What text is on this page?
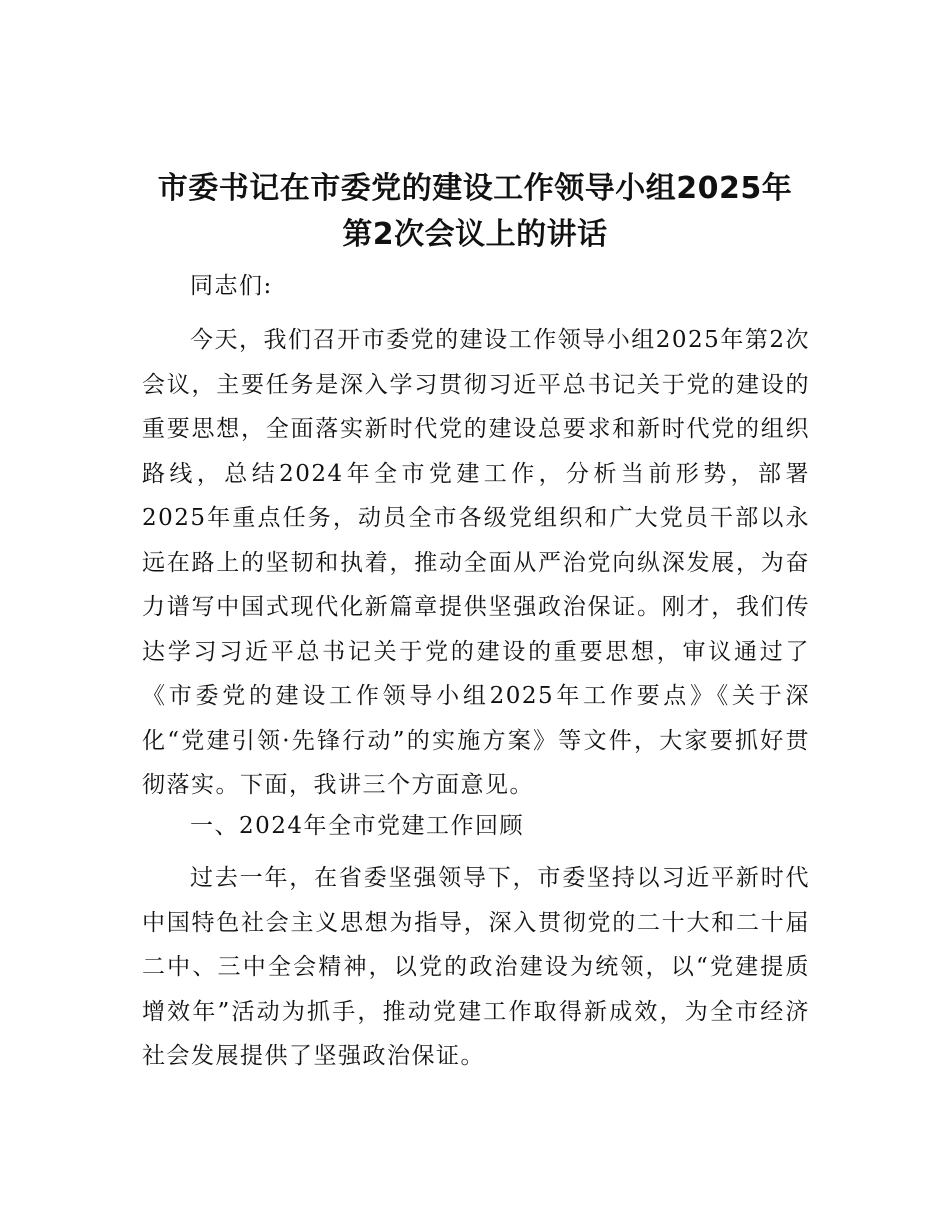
市委书记在市委党的建设工作领导小组2025年
第2次会议上的讲话

同志们:

今天，我们召开市委党的建设工作领导小组2025年第2次会议，主要任务是深入学习贯彻习近平总书记关于党的建设的重要思想，全面落实新时代党的建设总要求和新时代党的组织路线，总结2024年全市党建工作，分析当前形势，部署2025年重点任务，动员全市各级党组织和广大党员干部以永远在路上的坚韧和执着，推动全面从严治党向纵深发展，为奋力谱写中国式现代化新篇章提供坚强政治保证。刚才，我们传达学习习近平总书记关于党的建设的重要思想，审议通过了《市委党的建设工作领导小组2025年工作要点》《关于深化“党建引领·先锋行动”的实施方案》等文件，大家要抓好贯彻落实。下面，我讲三个方面意见。

一、2024年全市党建工作回顾

过去一年，在省委坚强领导下，市委坚持以习近平新时代中国特色社会主义思想为指导，深入贯彻党的二十大和二十届二中、三中全会精神，以党的政治建设为统领，以“党建提质增效年”活动为抓手，推动党建工作取得新成效，为全市经济社会发展提供了坚强政治保证。
